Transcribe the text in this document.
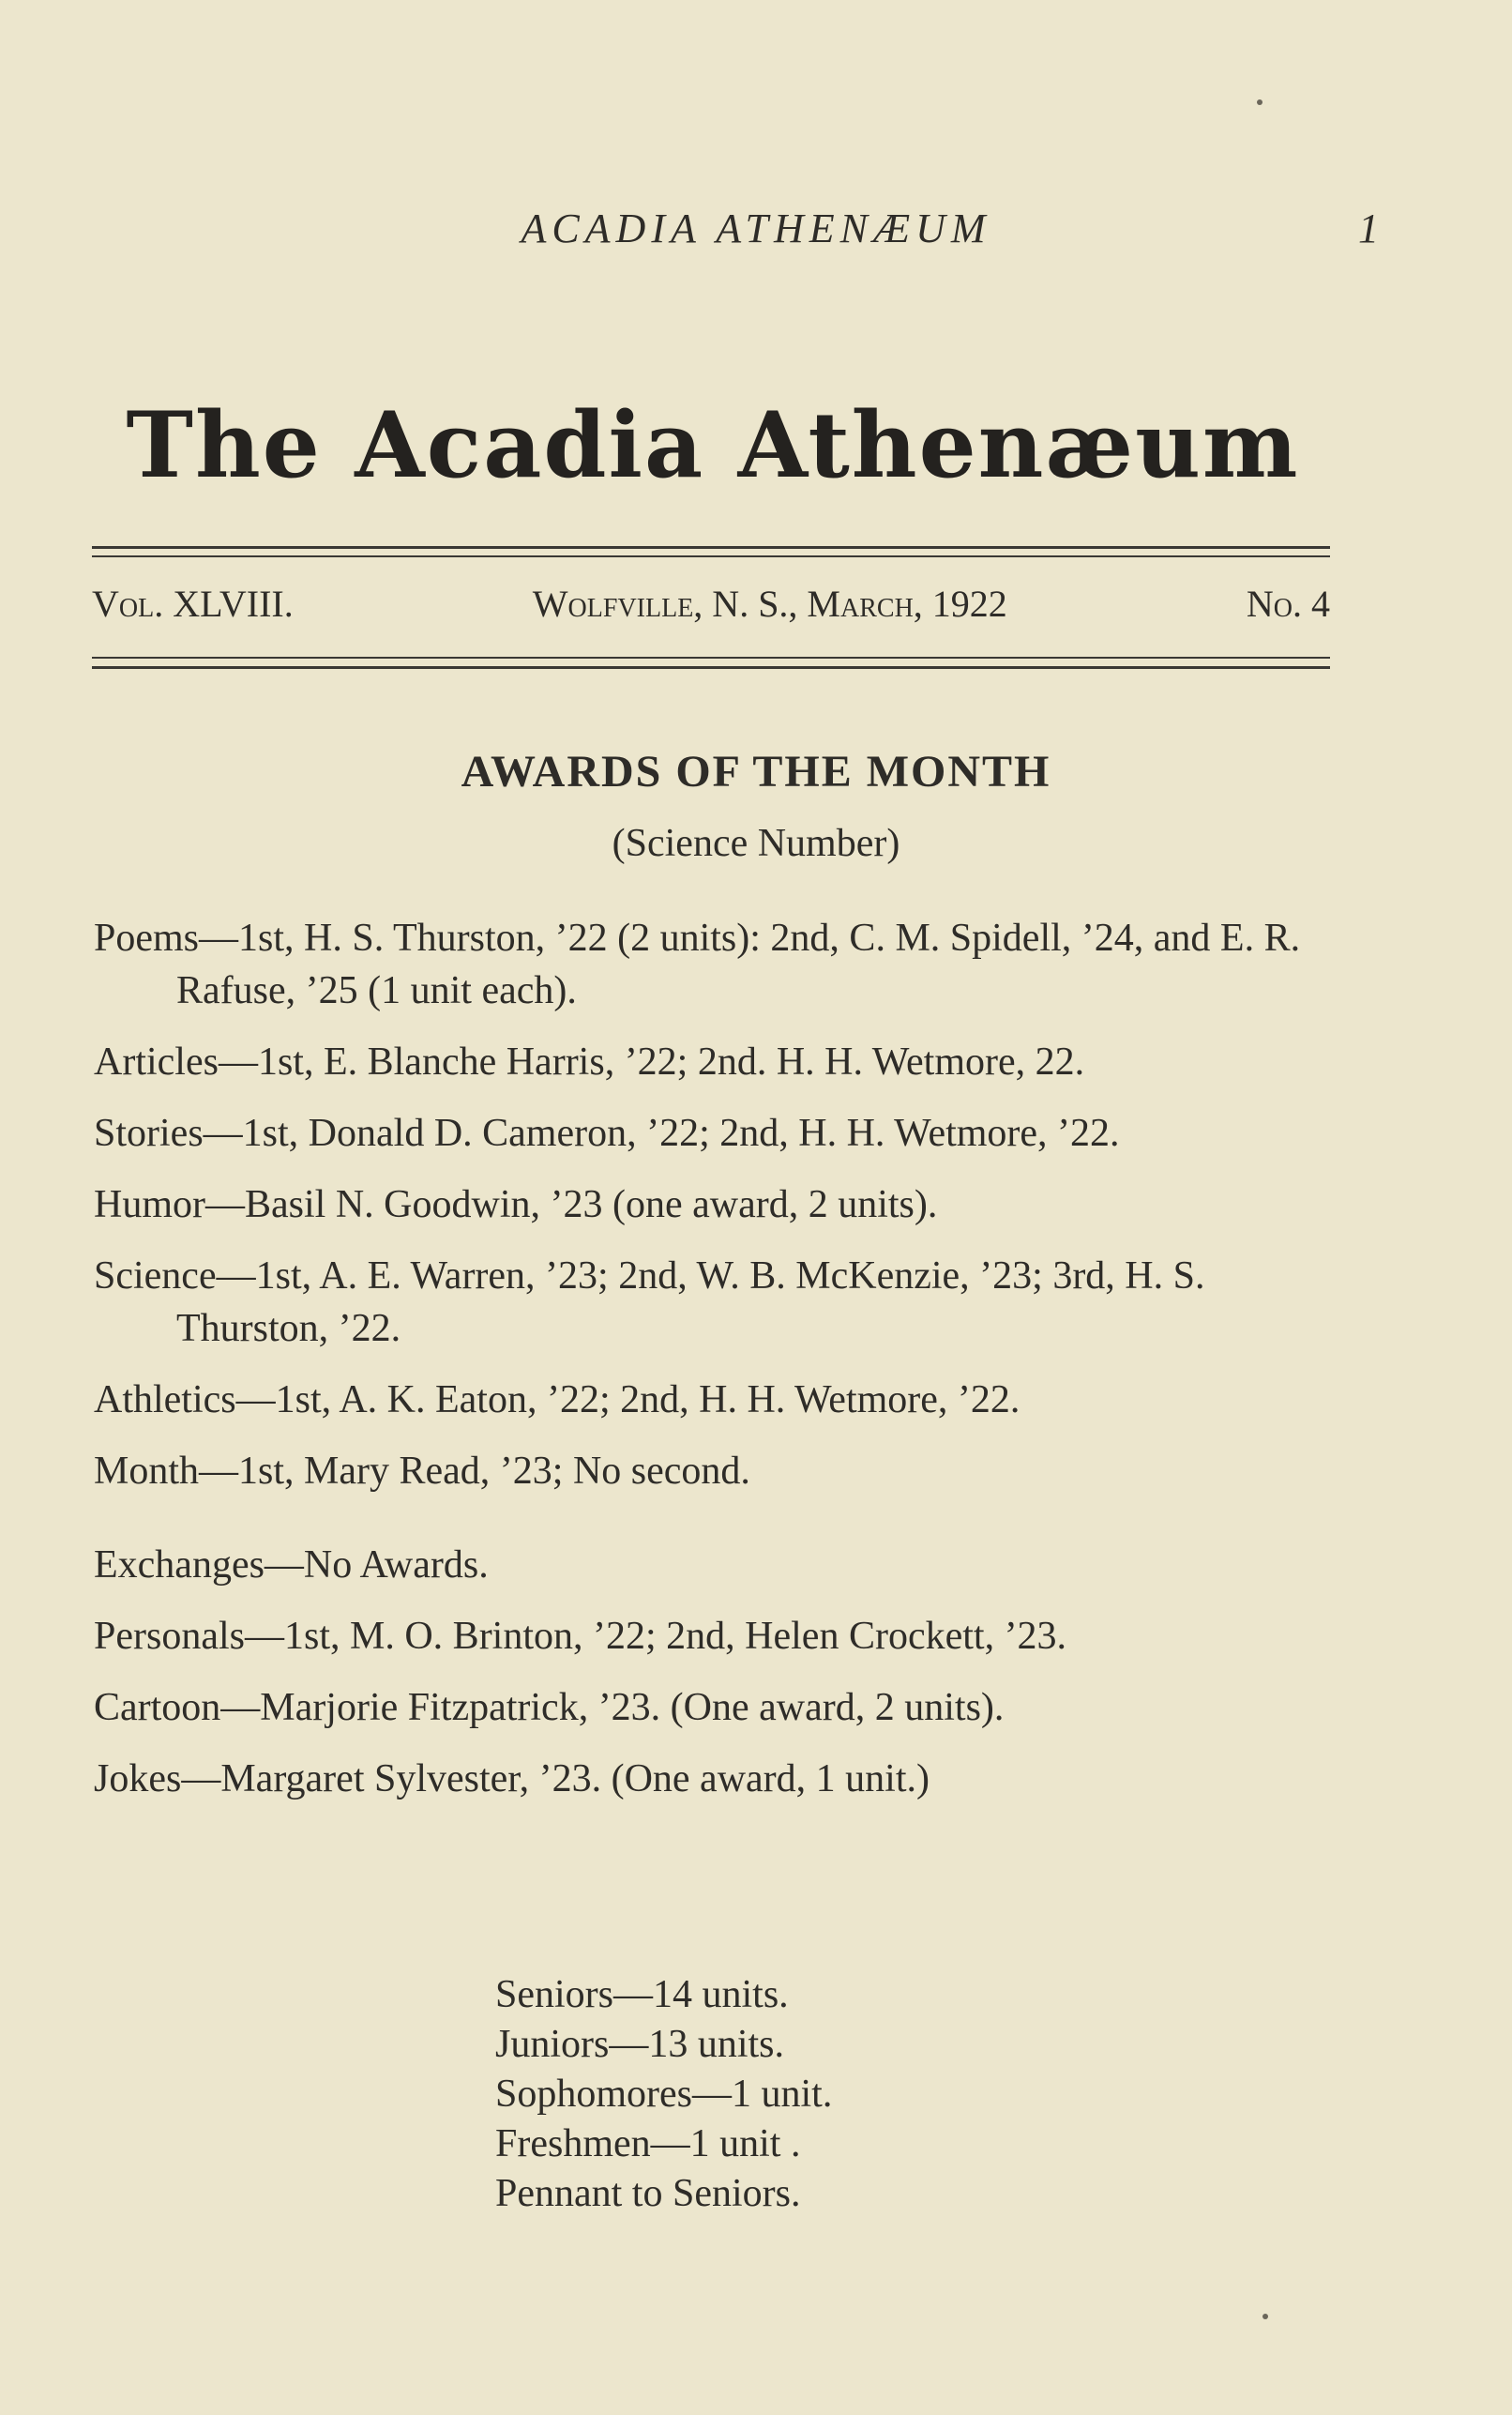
ACADIA ATHENÆUM	1
The Acadia Athenæum
Vol. XLVIII.	Wolfville, N. S., March, 1922	No. 4
AWARDS OF THE MONTH
(Science Number)

Poems—1st, H. S. Thurston, ’22 (2 units): 2nd, C. M. Spidell, ’24, and E. R. Rafuse, ’25 (1 unit each).

Articles—1st, E. Blanche Harris, ’22; 2nd. H. H. Wetmore, 22.

Stories—1st, Donald D. Cameron, ’22; 2nd, H. H. Wetmore, ’22.

Humor—Basil N. Goodwin, ’23 (one award, 2 units).

Science—1st, A. E. Warren, ’23; 2nd, W. B. McKenzie, ’23; 3rd, H. S. Thurston, ’22.

Athletics—1st, A. K. Eaton, ’22; 2nd, H. H. Wetmore, ’22.

Month—1st, Mary Read, ’23; No second.

Exchanges—No Awards.

Personals—1st, M. O. Brinton, ’22; 2nd, Helen Crockett, ’23.

Cartoon—Marjorie Fitzpatrick, ’23. (One award, 2 units).

Jokes—Margaret Sylvester, ’23. (One award, 1 unit.)

Seniors—14 units.
Juniors—13 units.
Sophomores—1 unit.
Freshmen—1 unit .
Pennant to Seniors.
